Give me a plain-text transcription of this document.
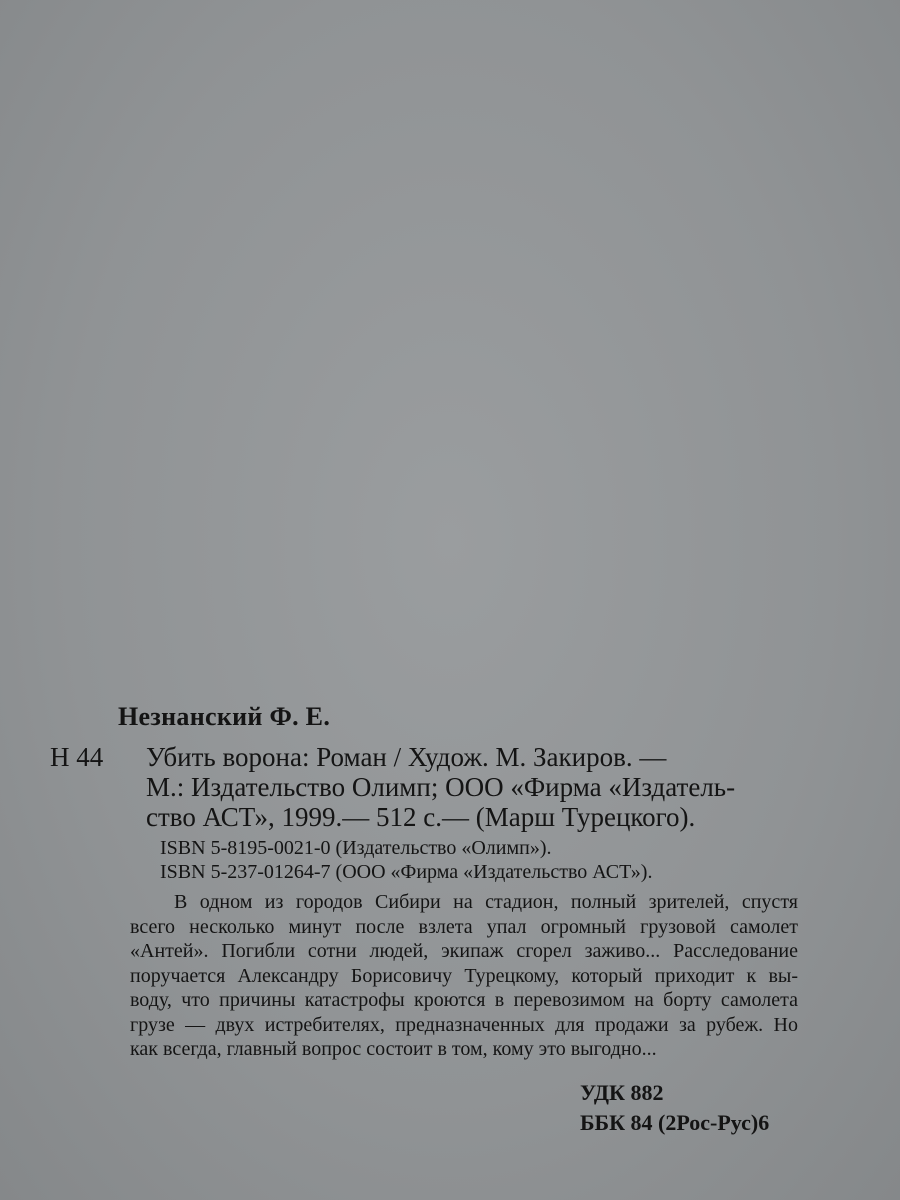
Незнанский Ф. Е.
Н 44 Убить ворона: Роман / Худож. М. Закиров. —
М.: Издательство Олимп; ООО «Фирма «Издатель-
ство АСТ», 1999.— 512 с.— (Марш Турецкого).
ISBN 5-8195-0021-0 (Издательство «Олимп»).
ISBN 5-237-01264-7 (ООО «Фирма «Издательство АСТ»).
В одном из городов Сибири на стадион, полный зрителей, спустя
всего несколько минут после взлета упал огромный грузовой самолет
«Антей». Погибли сотни людей, экипаж сгорел заживо... Расследование
поручается Александру Борисовичу Турецкому, который приходит к вы-
воду, что причины катастрофы кроются в перевозимом на борту самолета
грузе — двух истребителях, предназначенных для продажи за рубеж. Но
как всегда, главный вопрос состоит в том, кому это выгодно...
УДК 882
ББК 84 (2Рос-Рус)6
